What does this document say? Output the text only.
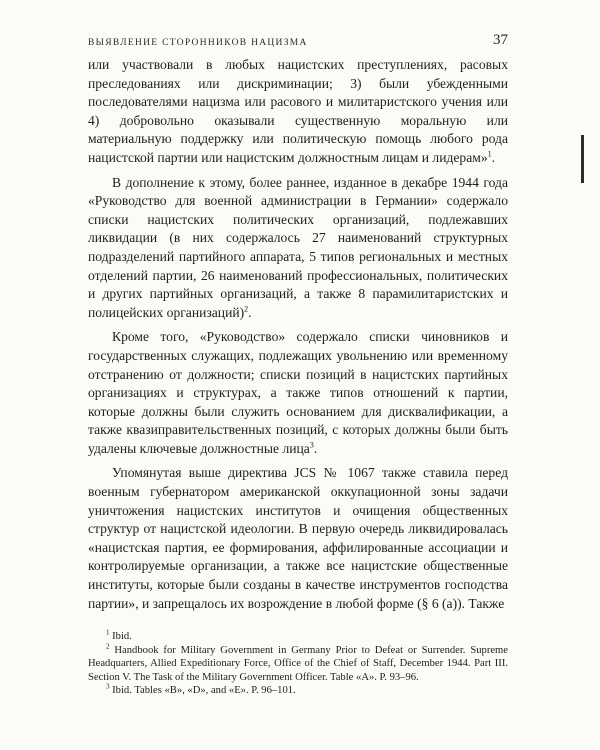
ВЫЯВЛЕНИЕ СТОРОННИКОВ НАЦИЗМА	37

или участвовали в любых нацистских преступлениях, расовых преследованиях или дискриминации; 3) были убежденными последователями нацизма или расового и милитаристского учения или 4) добровольно оказывали существенную моральную или материальную поддержку или политическую помощь любого рода нацистской партии или нацистским должностным лицам и лидерам»$^1$.

В дополнение к этому, более раннее, изданное в декабре 1944 года «Руководство для военной администрации в Германии» содержало списки нацистских политических организаций, подлежавших ликвидации (в них содержалось 27 наименований структурных подразделений партийного аппарата, 5 типов региональных и местных отделений партии, 26 наименований профессиональных, политических и других партийных организаций, а также 8 парамилитаристских и полицейских организаций)$^2$.

Кроме того, «Руководство» содержало списки чиновников и государственных служащих, подлежащих увольнению или временному отстранению от должности; списки позиций в нацистских партийных организациях и структурах, а также типов отношений к партии, которые должны были служить основанием для дисквалификации, а также квазиправительственных позиций, с которых должны были быть удалены ключевые должностные лица$^3$.

Упомянутая выше директива JCS № 1067 также ставила перед военным губернатором американской оккупационной зоны задачи уничтожения нацистских институтов и очищения общественных структур от нацистской идеологии. В первую очередь ликвидировалась «нацистская партия, ее формирования, аффилированные ассоциации и контролируемые организации, а также все нацистские общественные институты, которые были созданы в качестве инструментов господства партии», и запрещалось их возрождение в любой форме (§ 6 (a)). Также

$^1$ Ibid.

$^2$ Handbook for Military Government in Germany Prior to Defeat or Surrender. Supreme Headquarters, Allied Expeditionary Force, Office of the Chief of Staff, December 1944. Part III. Section V. The Task of the Military Government Officer. Table «A». P. 93–96.

$^3$ Ibid. Tables «B», «D», and «E». P. 96–101.
